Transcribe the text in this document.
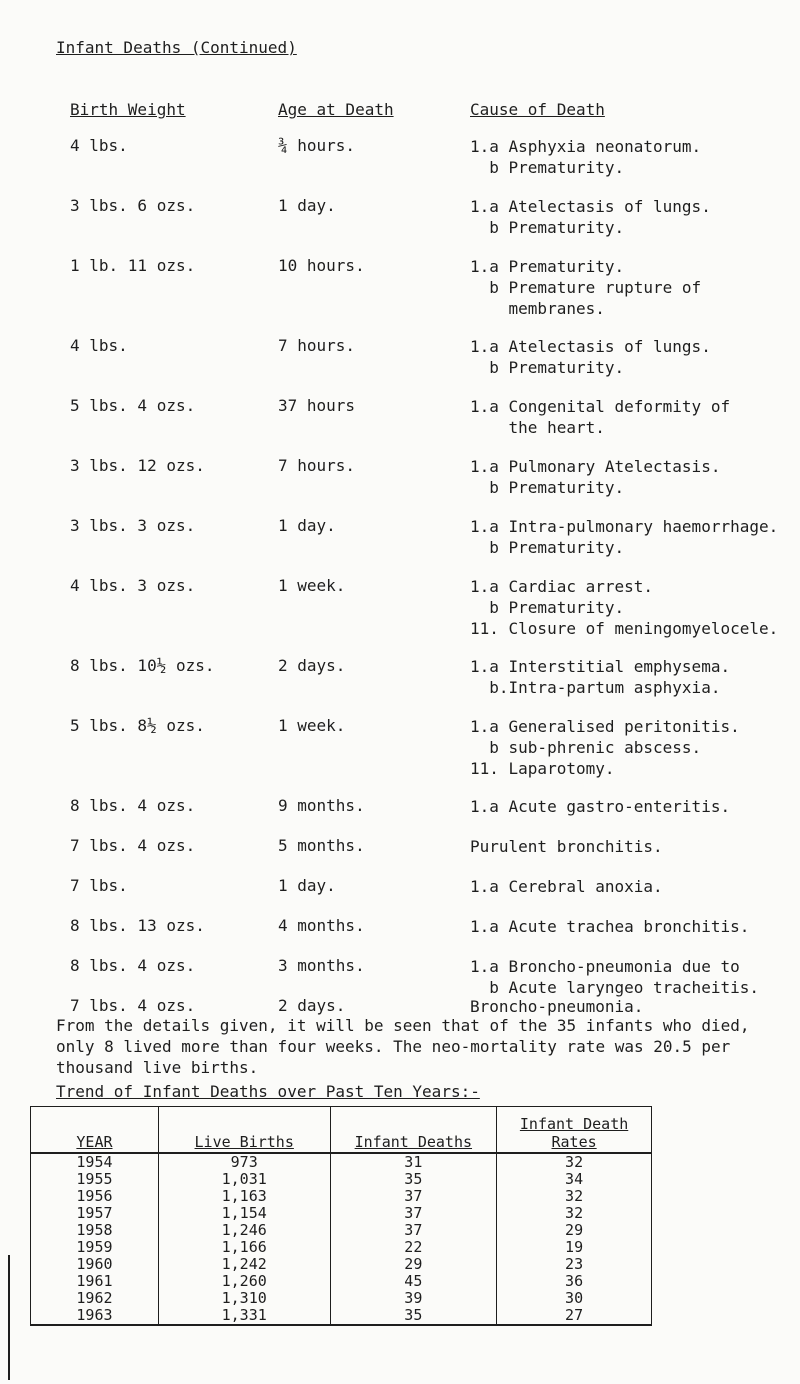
Infant Deaths (Continued)
Birth Weight	Age at Death	Cause of Death
4 lbs.	¾ hours.	1.a Asphyxia neonatorum.
b Prematurity.
3 lbs. 6 ozs.	1 day.	1.a Atelectasis of lungs.
b Prematurity.
1 lb. 11 ozs.	10 hours.	1.a Prematurity.
b Premature rupture of
membranes.
4 lbs.	7 hours.	1.a Atelectasis of lungs.
b Prematurity.
5 lbs. 4 ozs.	37 hours	1.a Congenital deformity of
the heart.
3 lbs. 12 ozs.	7 hours.	1.a Pulmonary Atelectasis.
b Prematurity.
3 lbs. 3 ozs.	1 day.	1.a Intra-pulmonary haemorrhage.
b Prematurity.
4 lbs. 3 ozs.	1 week.	1.a Cardiac arrest.
b Prematurity.
11. Closure of meningomyelocele.
8 lbs. 10½ ozs.	2 days.	1.a Interstitial emphysema.
b.Intra-partum asphyxia.
5 lbs. 8½ ozs.	1 week.	1.a Generalised peritonitis.
b sub-phrenic abscess.
11. Laparotomy.
8 lbs. 4 ozs.	9 months.	1.a Acute gastro-enteritis.
7 lbs. 4 ozs.	5 months.	Purulent bronchitis.
7 lbs.	1 day.	1.a Cerebral anoxia.
8 lbs. 13 ozs.	4 months.	1.a Acute trachea bronchitis.
8 lbs. 4 ozs.	3 months.	1.a Broncho-pneumonia due to
b Acute laryngeo tracheitis.
7 lbs. 4 ozs.	2 days.	Broncho-pneumonia.
From the details given, it will be seen that of the 35 infants who died, only 8 lived more than four weeks. The neo-mortality rate was 20.5 per thousand live births.
Trend of Infant Deaths over Past Ten Years:-
YEAR	Live Births	Infant Deaths	Infant Death Rates
1954	973	31	32
1955	1,031	35	34
1956	1,163	37	32
1957	1,154	37	32
1958	1,246	37	29
1959	1,166	22	19
1960	1,242	29	23
1961	1,260	45	36
1962	1,310	39	30
1963	1,331	35	27
